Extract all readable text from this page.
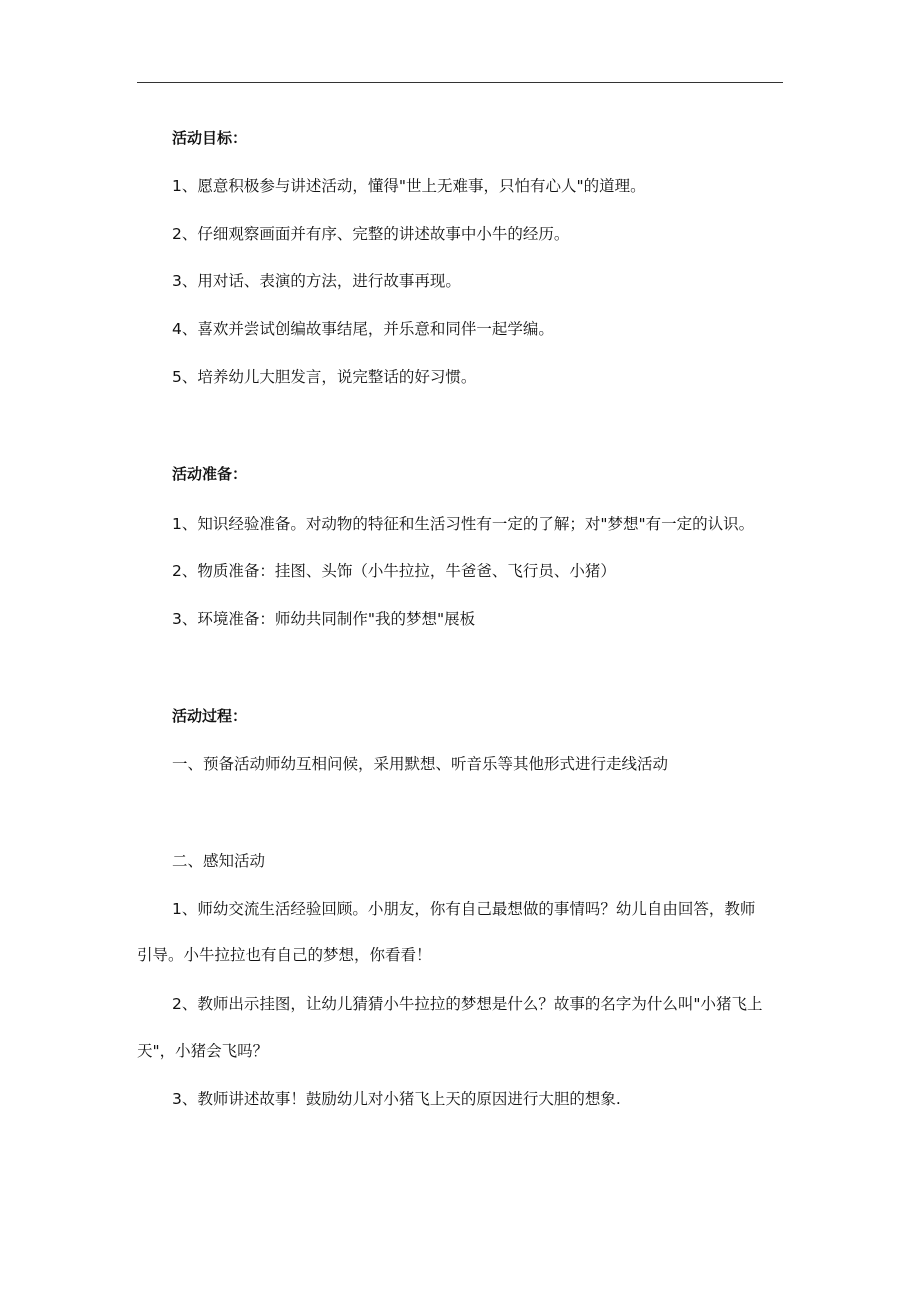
活动目标：
1、愿意积极参与讲述活动，懂得"世上无难事，只怕有心人"的道理。
2、仔细观察画面并有序、完整的讲述故事中小牛的经历。
3、用对话、表演的方法，进行故事再现。
4、喜欢并尝试创编故事结尾，并乐意和同伴一起学编。
5、培养幼儿大胆发言，说完整话的好习惯。
活动准备：
1、知识经验准备。对动物的特征和生活习性有一定的了解；对"梦想"有一定的认识。
2、物质准备：挂图、头饰（小牛拉拉，牛爸爸、飞行员、小猪）
3、环境准备：师幼共同制作"我的梦想"展板
活动过程：
一、预备活动师幼互相问候，采用默想、听音乐等其他形式进行走线活动
二、感知活动
1、师幼交流生活经验回顾。小朋友，你有自己最想做的事情吗？幼儿自由回答，教师
引导。小牛拉拉也有自己的梦想，你看看！
2、教师出示挂图，让幼儿猜猜小牛拉拉的梦想是什么？故事的名字为什么叫"小猪飞上
天"，小猪会飞吗？
3、教师讲述故事！鼓励幼儿对小猪飞上天的原因进行大胆的想象.
